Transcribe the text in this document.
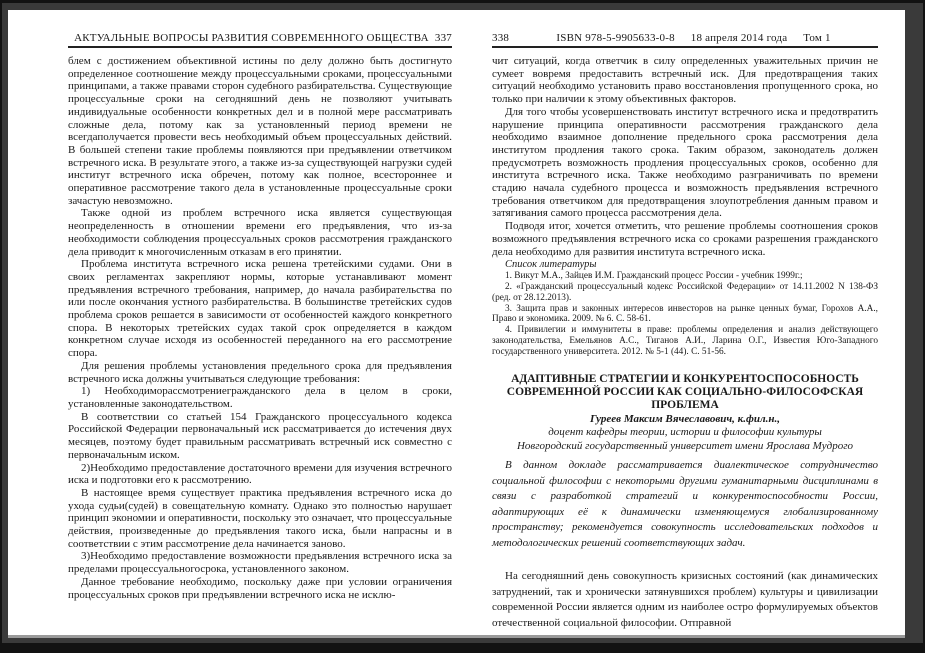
АКТУАЛЬНЫЕ ВОПРОСЫ РАЗВИТИЯ СОВРЕМЕННОГО ОБЩЕСТВА 337

блем с достижением объективной истины по делу должно быть достигнуто определенное соотношение между процессуальными сроками, процессуальными принципами, а также правами сторон судебного разбирательства. Существующие процессуальные сроки на сегодняшний день не позволяют учитывать индивидуальные особенности конкретных дел и в полной мере рассматривать сложные дела, потому как за установленный период времени не всегдаполучается провести весь необходимый объем процессуальных действий. В большей степени такие проблемы появляются при предъявлении ответчиком встречного иска. В результате этого, а также из-за существующей нагрузки судей институт встречного иска обречен, потому как полное, всестороннее и оперативное рассмотрение такого дела в установленные процессуальные сроки зачастую невозможно.

Также одной из проблем встречного иска является существующая неопределенность в отношении времени его предъявления, что из-за необходимости соблюдения процессуальных сроков рассмотрения гражданского дела приводит к многочисленным отказам в его принятии.

Проблема института встречного иска решена третейскими судами. Они в своих регламентах закрепляют нормы, которые устанавливают момент предъявления встречного требования, например, до начала разбирательства по или после окончания устного разбирательства. В большинстве третейских судов проблема сроков решается в зависимости от особенностей каждого конкретного спора. В некоторых третейских судах такой срок определяется в каждом конкретном случае исходя из особенностей переданного на его рассмотрение спора.

Для решения проблемы установления предельного срока для предъявления встречного иска должны учитываться следующие требования:

1) Необходиморассмотрениегражданского дела в целом в сроки, установленные законодательством.

В соответствии со статьей 154 Гражданского процессуального кодекса Российской Федерации первоначальный иск рассматривается до истечения двух месяцев, поэтому будет правильным рассматривать встречный иск совместно с первоначальным иском.

2)Необходимо предоставление достаточного времени для изучения встречного иска и подготовки его к рассмотрению.

В настоящее время существует практика предъявления встречного иска до ухода судьи(судей) в совещательную комнату. Однако это полностью нарушает принцип экономии и оперативности, поскольку это означает, что процессуальные действия, произведенные до предъявления такого иска, были напрасны и в соответствии с этим рассмотрение дела начинается заново.

3)Необходимо предоставление возможности предъявления встречного иска за пределами процессуальногосрока, установленного законом.

Данное требование необходимо, поскольку даже при условии ограничения процессуальных сроков при предъявлении встречного иска не исклю-

338	ISBN 978-5-9905633-0-8 18 апреля 2014 года Том 1

чит ситуаций, когда ответчик в силу определенных уважительных причин не сумеет вовремя предоставить встречный иск. Для предотвращения таких ситуаций необходимо установить право восстановления пропущенного срока, но только при наличии к этому объективных факторов.

Для того чтобы усовершенствовать институт встречного иска и предотвратить нарушение принципа оперативности рассмотрения гражданского дела необходимо взаимное дополнение предельного срока рассмотрения дела институтом продления такого срока. Таким образом, законодатель должен предусмотреть возможность продления процессуальных сроков, особенно для института встречного иска. Также необходимо разграничивать по времени стадию начала судебного процесса и возможность предъявления встречного требования ответчиком для предотвращения злоупотребления данным правом и затягивания самого процесса рассмотрения дела.

Подводя итог, хочется отметить, что решение проблемы соотношения сроков возможного предъявления встречного иска со сроками разрешения гражданского дела необходимо для развития института встречного иска.

Список литературы

1. Викут М.А., Зайцев И.М. Гражданский процесс России - учебник 1999г.;

2. «Гражданский процессуальный кодекс Российской Федерации» от 14.11.2002 N 138-ФЗ (ред. от 28.12.2013).

3. Защита прав и законных интересов инвесторов на рынке ценных бумаг, Горохов А.А., Право и экономика. 2009. № 6. С. 58-61.

4. Привилегии и иммунитеты в праве: проблемы определения и анализ действующего законодательства, Емельянов А.С., Тиганов А.И., Ларина О.Г., Известия Юго-Западного государственного университета. 2012. № 5-1 (44). С. 51-56.

АДАПТИВНЫЕ СТРАТЕГИИ И КОНКУРЕНТОСПОСОБНОСТЬ СОВРЕМЕННОЙ РОССИИ КАК СОЦИАЛЬНО-ФИЛОСОФСКАЯ ПРОБЛЕМА
Гуреев Максим Вячеславович, к.фил.н.,
доцент кафедры теории, истории и философии культуры
Новгородский государственный университет имени Ярослава Мудрого
В данном докладе рассматривается диалектическое сотрудничество социальной философии с некоторыми другими гуманитарными дисциплинами в связи с разработкой стратегий и конкурентоспособности России, адаптирующих её к динамически изменяющемуся глобализированному пространству; рекомендуется совокупность исследовательских подходов и методологических решений соответствующих задач.
На сегодняшний день совокупность кризисных состояний (как динамических затруднений, так и хронически затянувшихся проблем) культуры и цивилизации современной России является одним из наиболее остро формулируемых объектов отечественной социальной философии. Отправной
